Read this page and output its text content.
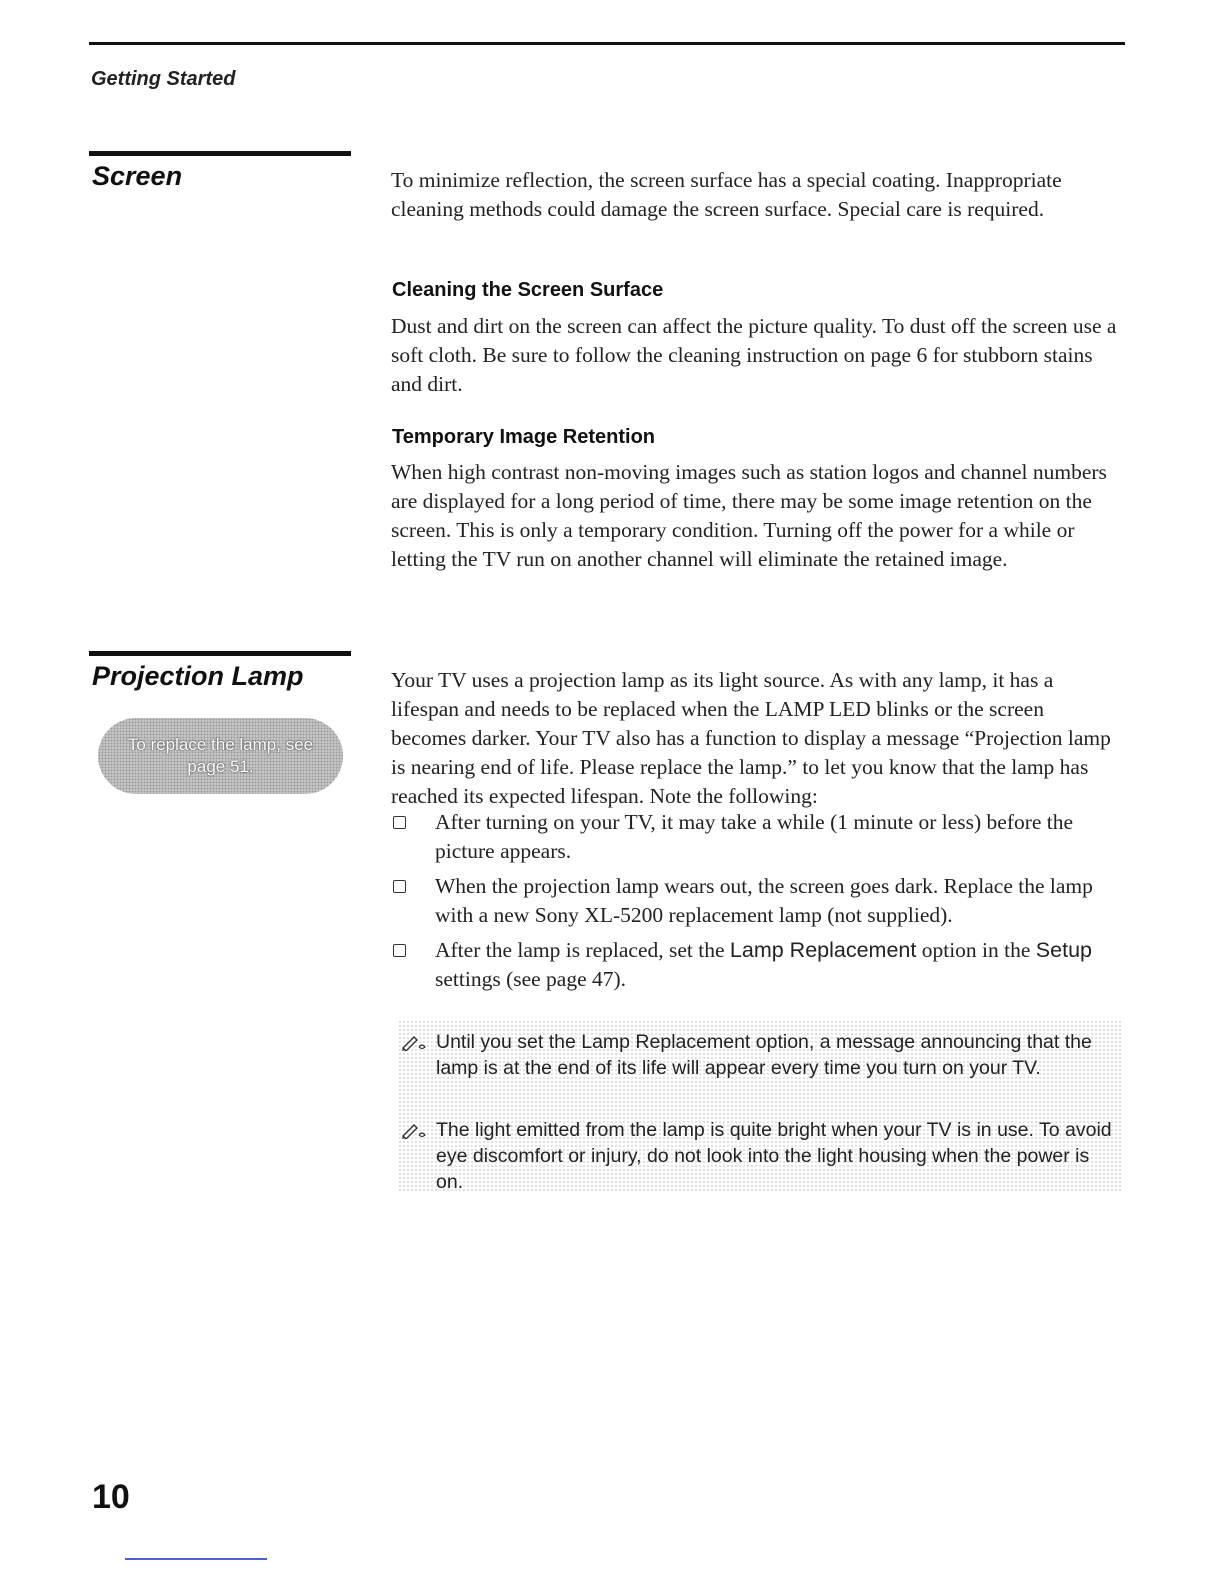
Getting Started
Screen	To minimize reflection, the screen surface has a special coating. Inappropriate cleaning methods could damage the screen surface. Special care is required.

Cleaning the Screen Surface

Dust and dirt on the screen can affect the picture quality. To dust off the screen use a soft cloth. Be sure to follow the cleaning instruction on page 6 for stubborn stains and dirt.

Temporary Image Retention

When high contrast non-moving images such as station logos and channel numbers are displayed for a long period of time, there may be some image retention on the screen. This is only a temporary condition. Turning off the power for a while or letting the TV run on another channel will eliminate the retained image.

Projection Lamp
To replace the lamp, see page 51.

Your TV uses a projection lamp as its light source. As with any lamp, it has a lifespan and needs to be replaced when the LAMP LED blinks or the screen becomes darker. Your TV also has a function to display a message “Projection lamp is nearing end of life. Please replace the lamp.” to let you know that the lamp has reached its expected lifespan. Note the following:

After turning on your TV, it may take a while (1 minute or less) before the picture appears.
When the projection lamp wears out, the screen goes dark. Replace the lamp with a new Sony XL-5200 replacement lamp (not supplied).
After the lamp is replaced, set the Lamp Replacement option in the Setup settings (see page 47).
Until you set the Lamp Replacement option, a message announcing that the lamp is at the end of its life will appear every time you turn on your TV.
The light emitted from the lamp is quite bright when your TV is in use. To avoid eye discomfort or injury, do not look into the light housing when the power is on.
10
